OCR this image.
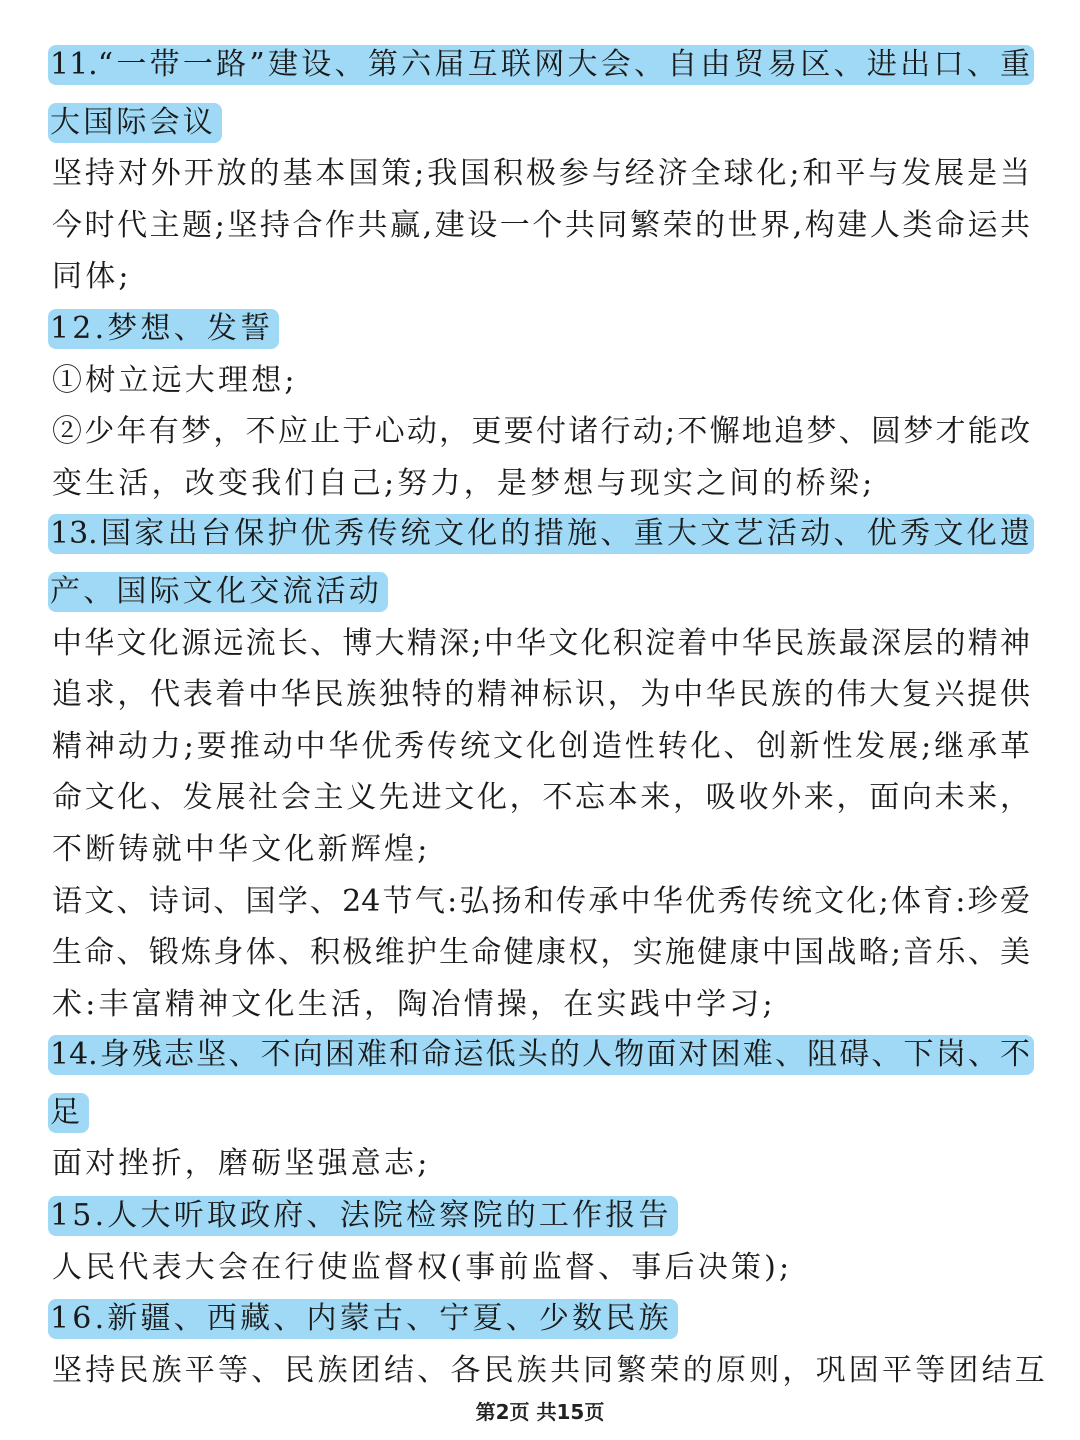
11.“一带一路”建设、第六届互联网大会、自由贸易区、进出口、重
大国际会议
坚持对外开放的基本国策;我国积极参与经济全球化;和平与发展是当
今时代主题;坚持合作共赢,建设一个共同繁荣的世界,构建人类命运共
同体;
12.梦想、发誓
①树立远大理想;
②少年有梦，不应止于心动，更要付诸行动;不懈地追梦、圆梦才能改
变生活，改变我们自己;努力，是梦想与现实之间的桥梁;
13.国家出台保护优秀传统文化的措施、重大文艺活动、优秀文化遗
产、国际文化交流活动
中华文化源远流长、博大精深;中华文化积淀着中华民族最深层的精神
追求，代表着中华民族独特的精神标识，为中华民族的伟大复兴提供
精神动力;要推动中华优秀传统文化创造性转化、创新性发展;继承革
命文化、发展社会主义先进文化，不忘本来，吸收外来，面向未来，
不断铸就中华文化新辉煌;
语文、诗词、国学、24节气:弘扬和传承中华优秀传统文化;体育:珍爱
生命、锻炼身体、积极维护生命健康权，实施健康中国战略;音乐、美
术:丰富精神文化生活，陶冶情操，在实践中学习;
14.身残志坚、不向困难和命运低头的人物面对困难、阻碍、下岗、不
足
面对挫折，磨砺坚强意志;
15.人大听取政府、法院检察院的工作报告
人民代表大会在行使监督权(事前监督、事后决策);
16.新疆、西藏、内蒙古、宁夏、少数民族
坚持民族平等、民族团结、各民族共同繁荣的原则，巩固平等团结互
第2页 共15页
